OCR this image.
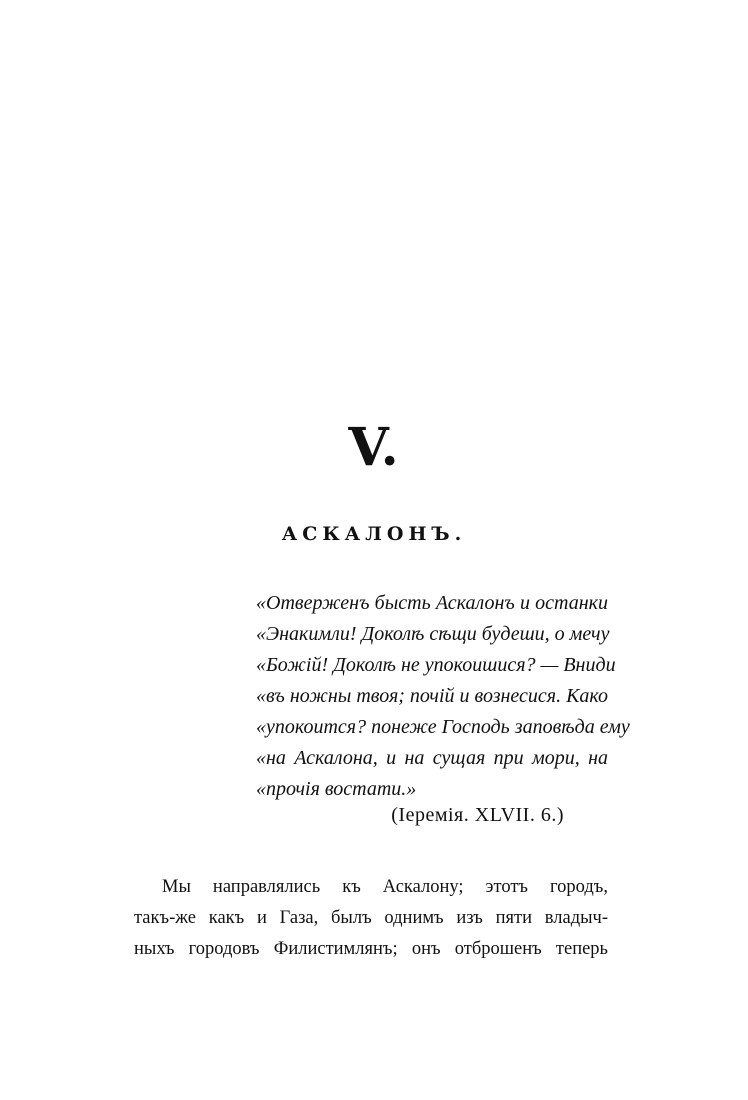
V.
АСКАЛОНЪ.
«Отверженъ бысть Аскалонъ и останки
«Энакимли! Доколѣ сѣщи будеши, о мечу
«Божій! Доколѣ не упокоишися? — Вниди
«въ ножны твоя; почій и вознесися. Како
«упокоится? понеже Господь заповѣда ему
«на Аскалона, и на сущая при мори, на
«прочія востати.»
(Іеремія. XLVII. 6.)
Мы направлялись къ Аскалону; этотъ городъ,
такъ-же какъ и Газа, былъ однимъ изъ пяти владыч-
ныхъ городовъ Филистимлянъ; онъ отброшенъ теперь
